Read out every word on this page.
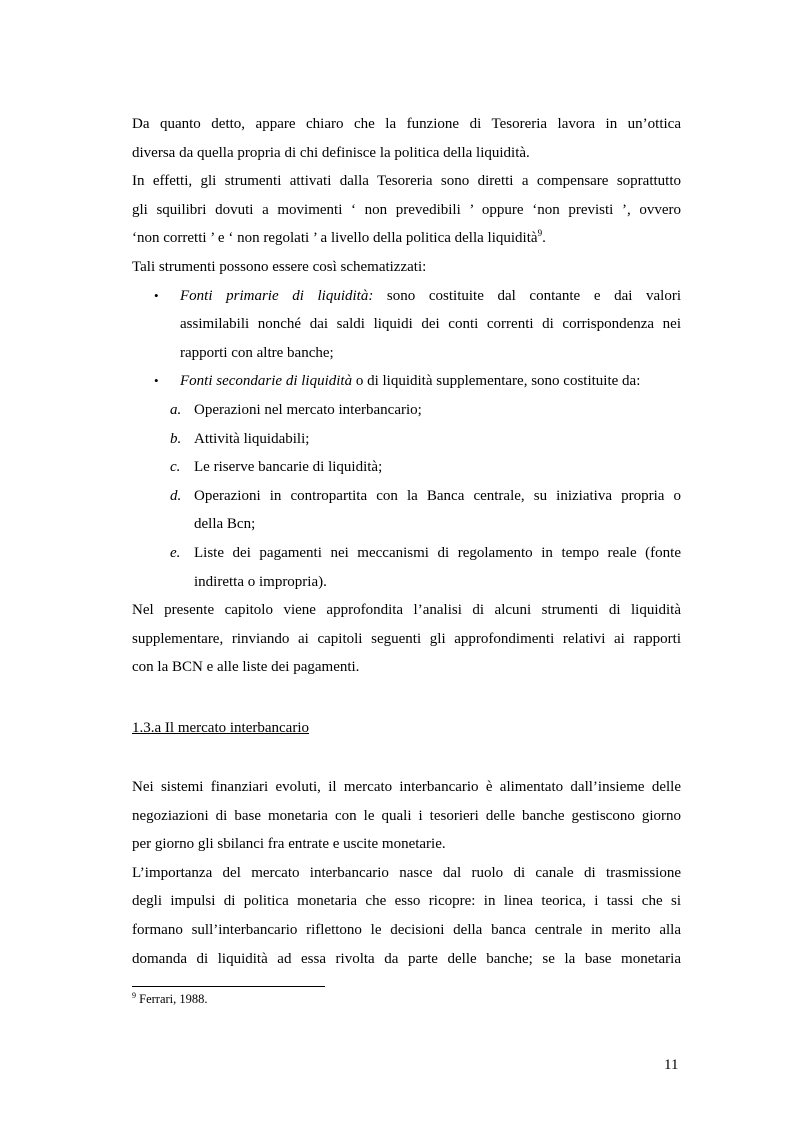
Da quanto detto, appare chiaro che la funzione di Tesoreria lavora in un’ottica
diversa da quella propria di chi definisce la politica della liquidità.

In effetti, gli strumenti attivati dalla Tesoreria sono diretti a compensare soprattutto
gli squilibri dovuti a movimenti ‘ non prevedibili ’ oppure ‘non previsti ’, ovvero
‘non corretti ’ e ‘ non regolati ’ a livello della politica della liquidità$^9$.

Tali strumenti possono essere così schematizzati:

• Fonti primarie di liquidità: sono costituite dal contante e dai valori
assimilabili nonché dai saldi liquidi dei conti correnti di corrispondenza nei
rapporti con altre banche;
• Fonti secondarie di liquidità o di liquidità supplementare, sono costituite da:
a. Operazioni nel mercato interbancario;
b. Attività liquidabili;
c. Le riserve bancarie di liquidità;
d. Operazioni in contropartita con la Banca centrale, su iniziativa propria o
della Bcn;
e. Liste dei pagamenti nei meccanismi di regolamento in tempo reale (fonte
indiretta o impropria).

Nel presente capitolo viene approfondita l’analisi di alcuni strumenti di liquidità
supplementare, rinviando ai capitoli seguenti gli approfondimenti relativi ai rapporti
con la BCN e alle liste dei pagamenti.

1.3.a Il mercato interbancario

Nei sistemi finanziari evoluti, il mercato interbancario è alimentato dall’insieme delle
negoziazioni di base monetaria con le quali i tesorieri delle banche gestiscono giorno
per giorno gli sbilanci fra entrate e uscite monetarie.

L’importanza del mercato interbancario nasce dal ruolo di canale di trasmissione
degli impulsi di politica monetaria che esso ricopre: in linea teorica, i tassi che si
formano sull’interbancario riflettono le decisioni della banca centrale in merito alla
domanda di liquidità ad essa rivolta da parte delle banche; se la base monetaria

$^9$ Ferrari, 1988.

11
